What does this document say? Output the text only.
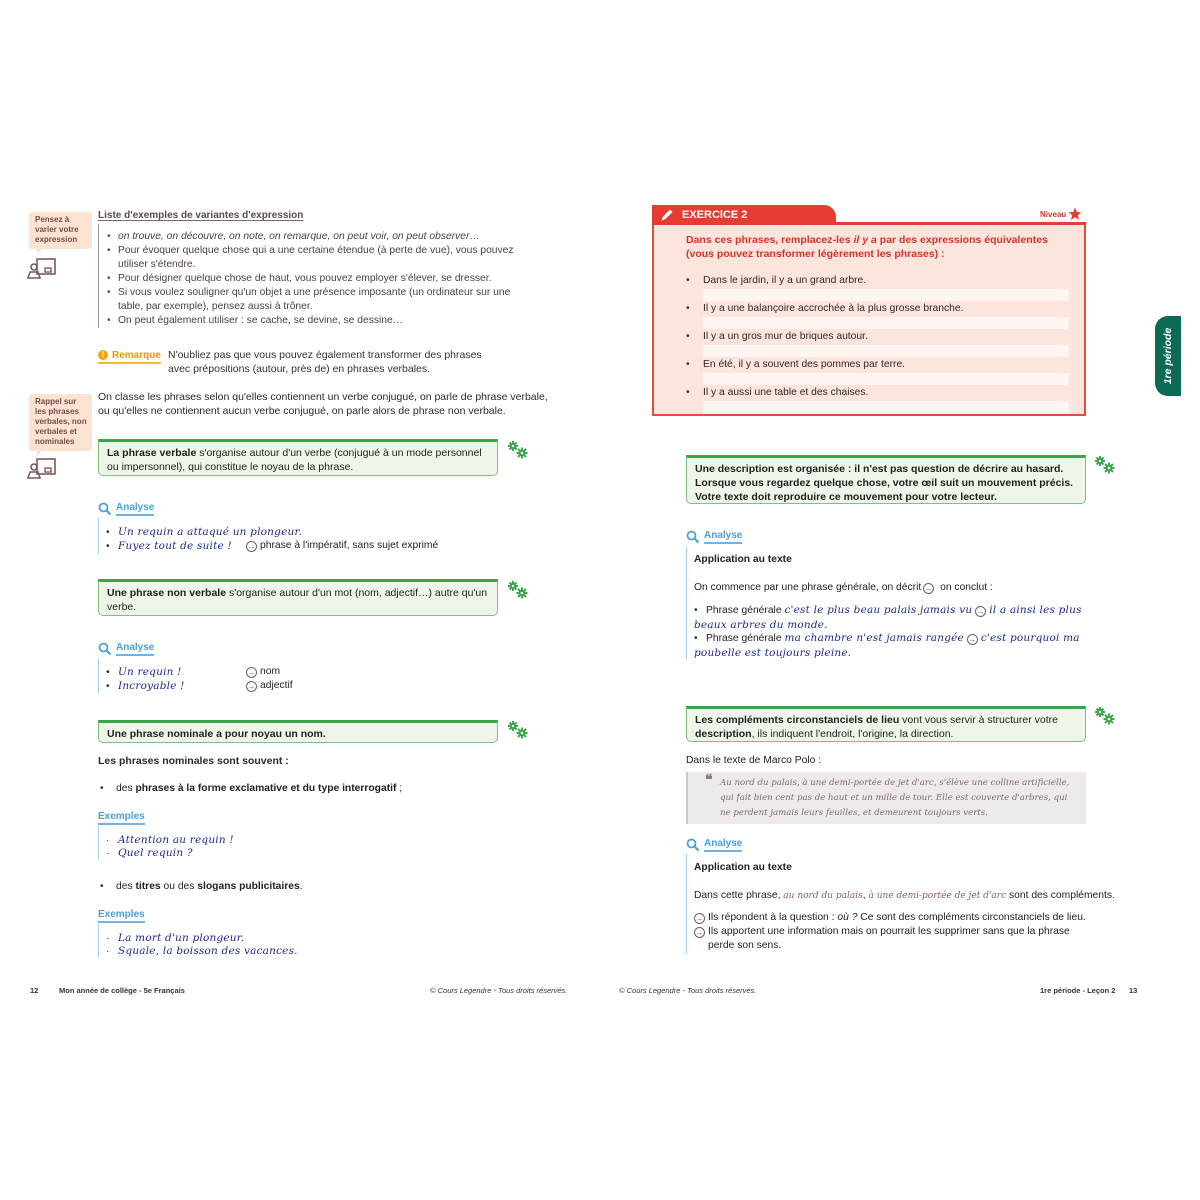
Pensez à varier votre expression
Liste d'exemples de variantes d'expression
• on trouve, on découvre, on note, on remarque, on peut voir, on peut observer…
• Pour évoquer quelque chose qui a une certaine étendue (à perte de vue), vous pouvez utiliser s'étendre.
• Pour désigner quelque chose de haut, vous pouvez employer s'élever, se dresser.
• Si vous voulez souligner qu'un objet a une présence imposante (un ordinateur sur une table, par exemple), pensez aussi à trôner.
• On peut également utiliser : se cache, se devine, se dessine…
! Remarque N'oubliez pas que vous pouvez également transformer des phrases
avec prépositions (autour, près de) en phrases verbales.
Rappel sur les phrases verbales, non verbales et nominales
On classe les phrases selon qu'elles contiennent un verbe conjugué, on parle de phrase verbale,
ou qu'elles ne contiennent aucun verbe conjugué, on parle alors de phrase non verbale.
La phrase verbale s'organise autour d'un verbe (conjugué à un mode personnel ou impersonnel), qui constitue le noyau de la phrase.
Analyse
• Un requin a attaqué un plongeur.
• Fuyez tout de suite ! → phrase à l'impératif, sans sujet exprimé
Une phrase non verbale s'organise autour d'un mot (nom, adjectif…) autre qu'un verbe.
Analyse
• Un requin !	→ nom
• Incroyable !	→ adjectif
Une phrase nominale a pour noyau un nom.
Les phrases nominales sont souvent :
• des phrases à la forme exclamative et du type interrogatif ;
Exemples
· Attention au requin !
· Quel requin ?
• des titres ou des slogans publicitaires.
Exemples
· La mort d'un plongeur.
· Squale, la boisson des vacances.
12	Mon année de collège - 5e Français	© Cours Legendre - Tous droits réservés.
EXERCICE 2	Niveau
Dans ces phrases, remplacez-les il y a par des expressions équivalentes (vous pouvez transformer légèrement les phrases) :
• Dans le jardin, il y a un grand arbre.
• Il y a une balançoire accrochée à la plus grosse branche.
• Il y a un gros mur de briques autour.
• En été, il y a souvent des pommes par terre.
• Il y a aussi une table et des chaises.
1re période
Une description est organisée : il n'est pas question de décrire au hasard. Lorsque vous regardez quelque chose, votre œil suit un mouvement précis. Votre texte doit reproduire ce mouvement pour votre lecteur.
Analyse
Application au texte
On commence par une phrase générale, on décrit → on conclut :
• Phrase générale c'est le plus beau palais jamais vu → il a ainsi les plus beaux arbres du monde.
• Phrase générale ma chambre n'est jamais rangée → c'est pourquoi ma poubelle est toujours pleine.
Les compléments circonstanciels de lieu vont vous servir à structurer votre description, ils indiquent l'endroit, l'origine, la direction.
Dans le texte de Marco Polo :
❝ Au nord du palais, à une demi-portée de jet d'arc, s'élève une colline artificielle, qui fait bien cent pas de haut et un mille de tour. Elle est couverte d'arbres, qui ne perdent jamais leurs feuilles, et demeurent toujours verts.
Analyse
Application au texte
Dans cette phrase, au nord du palais, à une demi-portée de jet d'arc sont des compléments.
→ Ils répondent à la question : où ? Ce sont des compléments circonstanciels de lieu.
→ Ils apportent une information mais on pourrait les supprimer sans que la phrase
perde son sens.
© Cours Legendre - Tous droits réservés.	1re période - Leçon 2 13
